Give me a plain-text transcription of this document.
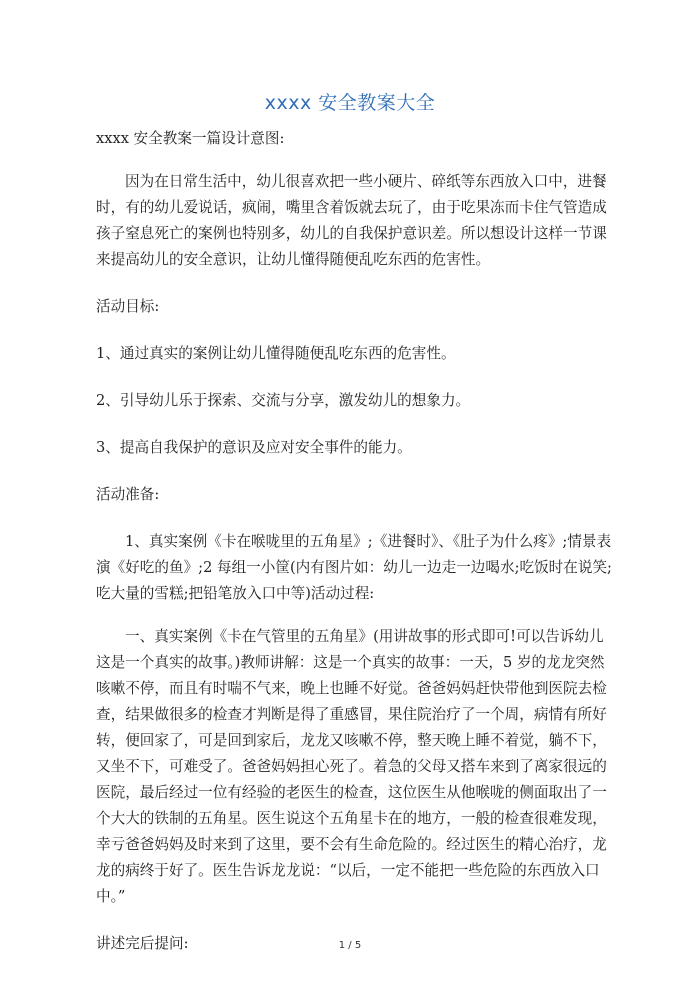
xxxx 安全教案大全

xxxx 安全教案一篇设计意图:

因为在日常生活中，幼儿很喜欢把一些小硬片、碎纸等东西放入口中，进餐时，有的幼儿爱说话，疯闹，嘴里含着饭就去玩了，由于吃果冻而卡住气管造成孩子窒息死亡的案例也特别多，幼儿的自我保护意识差。所以想设计这样一节课来提高幼儿的安全意识，让幼儿懂得随便乱吃东西的危害性。

活动目标:

1、通过真实的案例让幼儿懂得随便乱吃东西的危害性。

2、引导幼儿乐于探索、交流与分享，激发幼儿的想象力。

3、提高自我保护的意识及应对安全事件的能力。

活动准备:

1、真实案例《卡在喉咙里的五角星》;《进餐时》、《肚子为什么疼》;情景表演《好吃的鱼》;2 每组一小筐(内有图片如：幼儿一边走一边喝水;吃饭时在说笑;吃大量的雪糕;把铅笔放入口中等)活动过程:

一、真实案例《卡在气管里的五角星》(用讲故事的形式即可!可以告诉幼儿这是一个真实的故事。)教师讲解：这是一个真实的故事：一天，5 岁的龙龙突然咳嗽不停，而且有时喘不气来，晚上也睡不好觉。爸爸妈妈赶快带他到医院去检查，结果做很多的检查才判断是得了重感冒，果住院治疗了一个周，病情有所好转，便回家了，可是回到家后，龙龙又咳嗽不停，整天晚上睡不着觉，躺不下，又坐不下，可难受了。爸爸妈妈担心死了。着急的父母又搭车来到了离家很远的医院，最后经过一位有经验的老医生的检查，这位医生从他喉咙的侧面取出了一个大大的铁制的五角星。医生说这个五角星卡在的地方，一般的检查很难发现，幸亏爸爸妈妈及时来到了这里，要不会有生命危险的。经过医生的精心治疗，龙龙的病终于好了。医生告诉龙龙说：“以后，一定不能把一些危险的东西放入口中。”

讲述完后提问:	1 / 5
